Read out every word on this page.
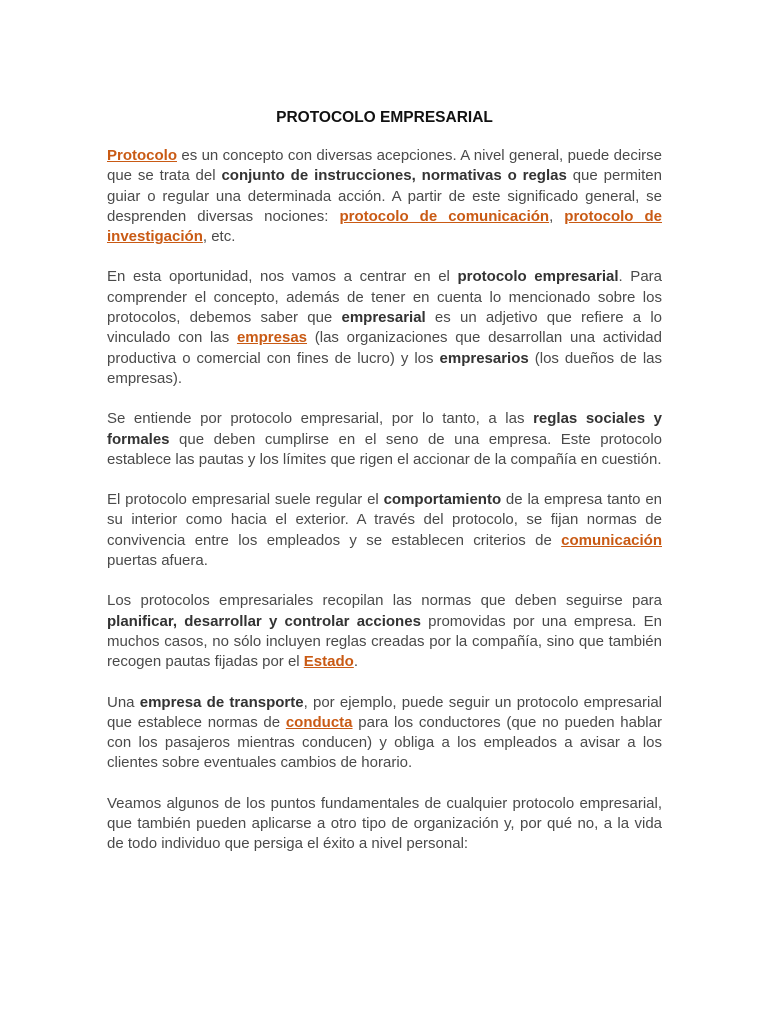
PROTOCOLO EMPRESARIAL

Protocolo es un concepto con diversas acepciones. A nivel general, puede decirse que se trata del conjunto de instrucciones, normativas o reglas que permiten guiar o regular una determinada acción. A partir de este significado general, se desprenden diversas nociones: protocolo de comunicación, protocolo de investigación, etc.

En esta oportunidad, nos vamos a centrar en el protocolo empresarial. Para comprender el concepto, además de tener en cuenta lo mencionado sobre los protocolos, debemos saber que empresarial es un adjetivo que refiere a lo vinculado con las empresas (las organizaciones que desarrollan una actividad productiva o comercial con fines de lucro) y los empresarios (los dueños de las empresas).

Se entiende por protocolo empresarial, por lo tanto, a las reglas sociales y formales que deben cumplirse en el seno de una empresa. Este protocolo establece las pautas y los límites que rigen el accionar de la compañía en cuestión.

El protocolo empresarial suele regular el comportamiento de la empresa tanto en su interior como hacia el exterior. A través del protocolo, se fijan normas de convivencia entre los empleados y se establecen criterios de comunicación puertas afuera.

Los protocolos empresariales recopilan las normas que deben seguirse para planificar, desarrollar y controlar acciones promovidas por una empresa. En muchos casos, no sólo incluyen reglas creadas por la compañía, sino que también recogen pautas fijadas por el Estado.

Una empresa de transporte, por ejemplo, puede seguir un protocolo empresarial que establece normas de conducta para los conductores (que no pueden hablar con los pasajeros mientras conducen) y obliga a los empleados a avisar a los clientes sobre eventuales cambios de horario.

Veamos algunos de los puntos fundamentales de cualquier protocolo empresarial, que también pueden aplicarse a otro tipo de organización y, por qué no, a la vida de todo individuo que persiga el éxito a nivel personal:
